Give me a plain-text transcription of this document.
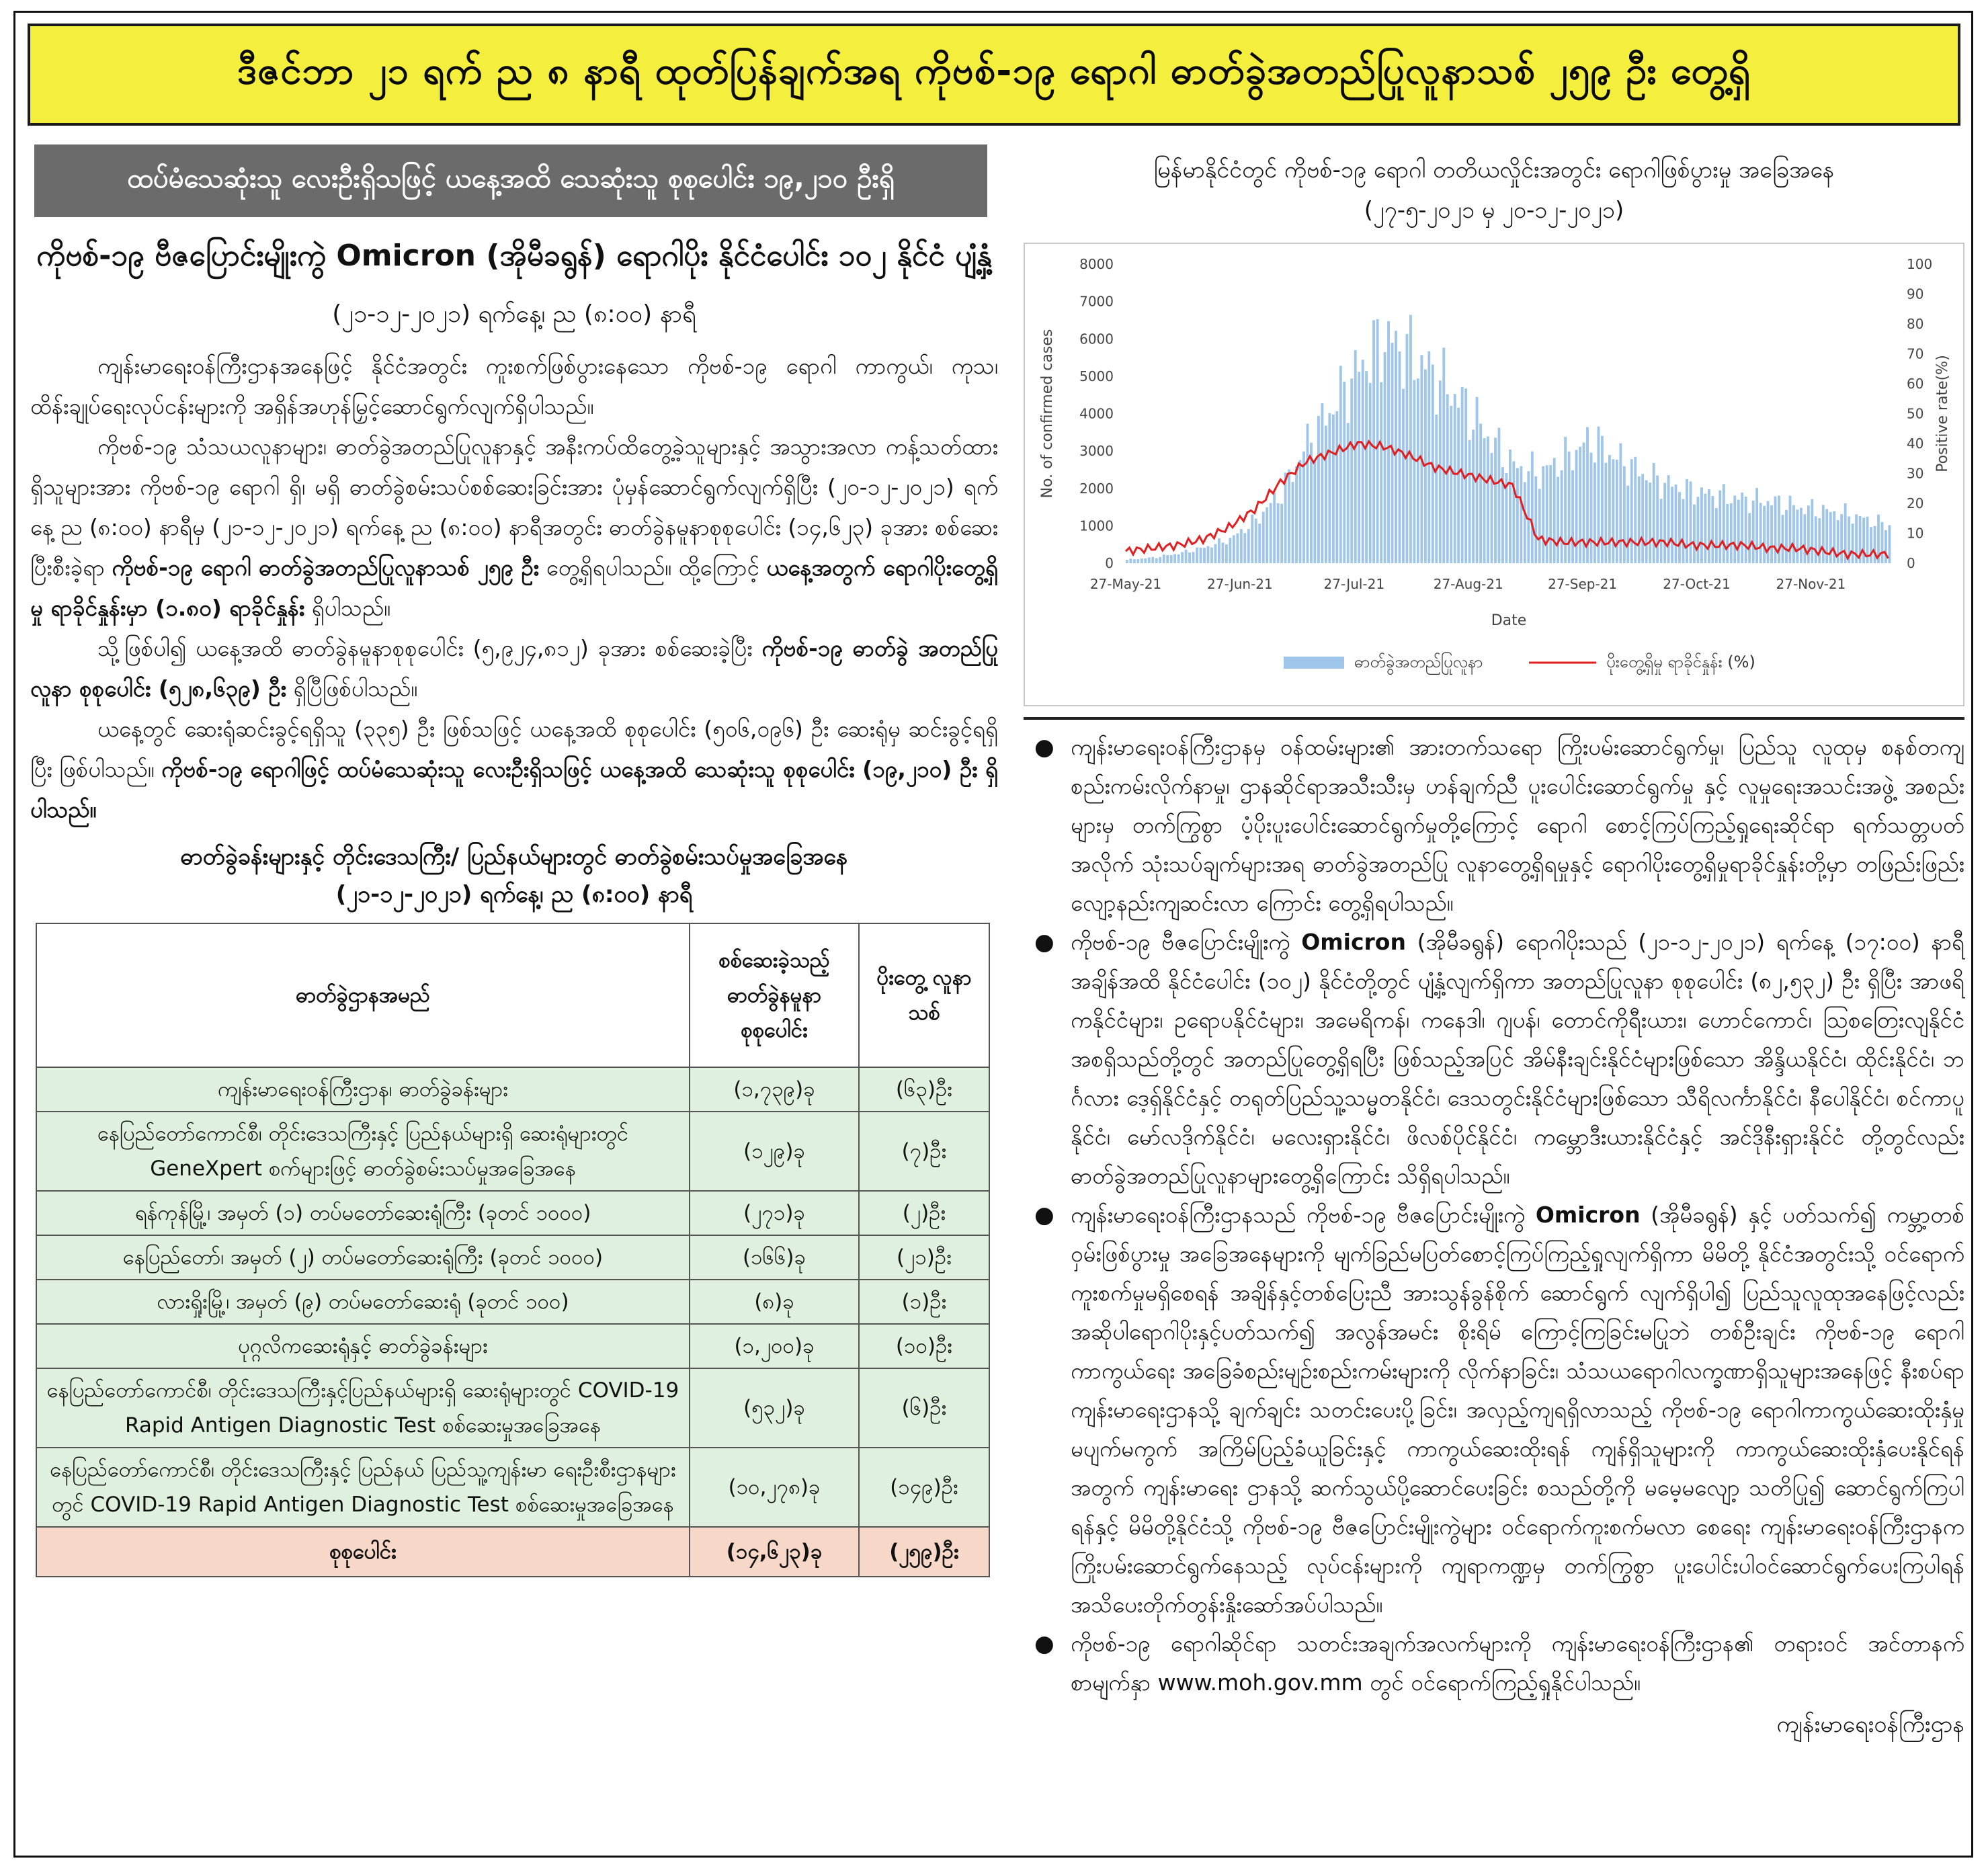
ဒီဇင်ဘာ ၂၁ ရက် ည ၈ နာရီ ထုတ်ပြန်ချက်အရ ကိုဗစ်-၁၉ ရောဂါ ဓာတ်ခွဲအတည်ပြုလူနာသစ် ၂၅၉ ဦး တွေ့ရှိ
ထပ်မံသေဆုံးသူ လေးဦးရှိသဖြင့် ယနေ့အထိ သေဆုံးသူ စုစုပေါင်း ၁၉,၂၁၀ ဦးရှိ
ကိုဗစ်-၁၉ ဗီဇပြောင်းမျိုးကွဲ Omicron (အိုမီခရွန်) ရောဂါပိုး နိုင်ငံပေါင်း ၁၀၂ နိုင်ငံ ပျံ့နှံ့
(၂၁-၁၂-၂၀၂၁) ရက်နေ့၊ ည (၈:၀၀) နာရီ

ကျန်းမာရေးဝန်ကြီးဌာနအနေဖြင့် နိုင်ငံအတွင်း ကူးစက်ဖြစ်ပွားနေသော ကိုဗစ်-၁၉ ရောဂါ ကာကွယ်၊ ကုသ၊ ထိန်းချုပ်ရေးလုပ်ငန်းများကို အရှိန်အဟုန်မြှင့်ဆောင်ရွက်လျက်ရှိပါသည်။

ကိုဗစ်-၁၉ သံသယလူနာများ၊ ဓာတ်ခွဲအတည်ပြုလူနာနှင့် အနီးကပ်ထိတွေ့ခဲ့သူများနှင့် အသွားအလာ ကန့်သတ်ထားရှိသူများအား ကိုဗစ်-၁၉ ရောဂါ ရှိ၊ မရှိ ဓာတ်ခွဲစမ်းသပ်စစ်ဆေးခြင်းအား ပုံမှန်ဆောင်ရွက်လျက်ရှိပြီး (၂၀-၁၂-၂၀၂၁) ရက်နေ့ ည (၈:၀၀) နာရီမှ (၂၁-၁၂-၂၀၂၁) ရက်နေ့ ည (၈:၀၀) နာရီအတွင်း ဓာတ်ခွဲနမူနာစုစုပေါင်း (၁၄,၆၂၃) ခုအား စစ်ဆေးပြီးစီးခဲ့ရာ ကိုဗစ်-၁၉ ရောဂါ ဓာတ်ခွဲအတည်ပြုလူနာသစ် ၂၅၉ ဦး တွေ့ရှိရပါသည်။ ထို့ကြောင့် ယနေ့အတွက် ရောဂါပိုးတွေ့ရှိမှု ရာခိုင်နှုန်းမှာ (၁.၈၀) ရာခိုင်နှုန်း ရှိပါသည်။

သို့ဖြစ်ပါ၍ ယနေ့အထိ ဓာတ်ခွဲနမူနာစုစုပေါင်း (၅,၉၂၄,၈၁၂) ခုအား စစ်ဆေးခဲ့ပြီး ကိုဗစ်-၁၉ ဓာတ်ခွဲ အတည်ပြုလူနာ စုစုပေါင်း (၅၂၈,၆၃၉) ဦး ရှိပြီဖြစ်ပါသည်။

ယနေ့တွင် ဆေးရုံဆင်းခွင့်ရရှိသူ (၃၃၅) ဦး ဖြစ်သဖြင့် ယနေ့အထိ စုစုပေါင်း (၅၀၆,၀၉၆) ဦး ဆေးရုံမှ ဆင်းခွင့်ရရှိပြီး ဖြစ်ပါသည်။ ကိုဗစ်-၁၉ ရောဂါဖြင့် ထပ်မံသေဆုံးသူ လေးဦးရှိသဖြင့် ယနေ့အထိ သေဆုံးသူ စုစုပေါင်း (၁၉,၂၁၀) ဦး ရှိပါသည်။

ဓာတ်ခွဲခန်းများနှင့် တိုင်းဒေသကြီး/ ပြည်နယ်များတွင် ဓာတ်ခွဲစမ်းသပ်မှုအခြေအနေ
(၂၁-၁၂-၂၀၂၁) ရက်နေ့၊ ည (၈:၀၀) နာရီ
ဓာတ်ခွဲဌာနအမည်	စစ်ဆေးခဲ့သည့် ဓာတ်ခွဲနမူနာ စုစုပေါင်း	ပိုးတွေ့ လူနာသစ်
ကျန်းမာရေးဝန်ကြီးဌာန၊ ဓာတ်ခွဲခန်းများ	(၁,၇၃၉)ခု	(၆၃)ဦး
နေပြည်တော်ကောင်စီ၊ တိုင်းဒေသကြီးနှင့် ပြည်နယ်များရှိ ဆေးရုံများတွင် GeneXpert စက်များဖြင့် ဓာတ်ခွဲစမ်းသပ်မှုအခြေအနေ	(၁၂၉)ခု	(၇)ဦး
ရန်ကုန်မြို့၊ အမှတ် (၁) တပ်မတော်ဆေးရုံကြီး (ခုတင် ၁၀၀၀)	(၂၇၁)ခု	(၂)ဦး
နေပြည်တော်၊ အမှတ် (၂) တပ်မတော်ဆေးရုံကြီး (ခုတင် ၁၀၀၀)	(၁၆၆)ခု	(၂၁)ဦး
လားရှိုးမြို့၊ အမှတ် (၉) တပ်မတော်ဆေးရုံ (ခုတင် ၁၀၀)	(၈)ခု	(၁)ဦး
ပုဂ္ဂလိကဆေးရုံနှင့် ဓာတ်ခွဲခန်းများ	(၁,၂၀၀)ခု	(၁၀)ဦး
နေပြည်တော်ကောင်စီ၊ တိုင်းဒေသကြီးနှင့်ပြည်နယ်များရှိ ဆေးရုံများတွင် COVID-19 Rapid Antigen Diagnostic Test စစ်ဆေးမှုအခြေအနေ	(၅၃၂)ခု	(၆)ဦး
နေပြည်တော်ကောင်စီ၊ တိုင်းဒေသကြီးနှင့် ပြည်နယ် ပြည်သူ့ကျန်းမာ ရေးဦးစီးဌာနများတွင် COVID-19 Rapid Antigen Diagnostic Test စစ်ဆေးမှုအခြေအနေ	(၁၀,၂၇၈)ခု	(၁၄၉)ဦး
စုစုပေါင်း	(၁၄,၆၂၃)ခု	(၂၅၉)ဦး
မြန်မာနိုင်ငံတွင် ကိုဗစ်-၁၉ ရောဂါ တတိယလှိုင်းအတွင်း ရောဂါဖြစ်ပွားမှု အခြေအနေ
(၂၇-၅-၂၀၂၁ မှ ၂၀-၁၂-၂၀၂၁)
0
1000
2000
3000
4000
5000
6000
7000
8000
0
10
20
30
40
50
60
70
80
90
100
27-May-21	27-Jun-21	27-Jul-21	27-Aug-21	27-Sep-21	27-Oct-21	27-Nov-21
Date
No. of confirmed cases	Positive rate(%)
ဓာတ်ခွဲအတည်ပြုလူနာ	ပိုးတွေ့ရှိမှု ရာခိုင်နှုန်း (%)

● ကျန်းမာရေးဝန်ကြီးဌာနမှ ဝန်ထမ်းများ၏ အားတက်သရော ကြိုးပမ်းဆောင်ရွက်မှု၊ ပြည်သူ လူထုမှ စနစ်တကျ စည်းကမ်းလိုက်နာမှု၊ ဌာနဆိုင်ရာအသီးသီးမှ ဟန်ချက်ညီ ပူးပေါင်းဆောင်ရွက်မှု နှင့် လူမှုရေးအသင်းအဖွဲ့ အစည်းများမှ တက်ကြွစွာ ပံ့ပိုးပူးပေါင်းဆောင်ရွက်မှုတို့ကြောင့် ရောဂါ စောင့်ကြပ်ကြည့်ရှုရေးဆိုင်ရာ ရက်သတ္တပတ်အလိုက် သုံးသပ်ချက်များအရ ဓာတ်ခွဲအတည်ပြု လူနာတွေ့ရှိရမှုနှင့် ရောဂါပိုးတွေ့ရှိမှုရာခိုင်နှုန်းတို့မှာ တဖြည်းဖြည်း လျော့နည်းကျဆင်းလာ ကြောင်း တွေ့ရှိရပါသည်။

● ကိုဗစ်-၁၉ ဗီဇပြောင်းမျိုးကွဲ Omicron (အိုမီခရွန်) ရောဂါပိုးသည် (၂၁-၁၂-၂၀၂၁) ရက်နေ့ (၁၇:၀၀) နာရီအချိန်အထိ နိုင်ငံပေါင်း (၁၀၂) နိုင်ငံတို့တွင် ပျံ့နှံ့လျက်ရှိကာ အတည်ပြုလူနာ စုစုပေါင်း (၈၂,၅၃၂) ဦး ရှိပြီး အာဖရိကနိုင်ငံများ၊ ဥရောပနိုင်ငံများ၊ အမေရိကန်၊ ကနေဒါ၊ ဂျပန်၊ တောင်ကိုရီးယား၊ ဟောင်ကောင်၊ ဩစတြေးလျနိုင်ငံ အစရှိသည်တို့တွင် အတည်ပြုတွေ့ရှိရပြီး ဖြစ်သည့်အပြင် အိမ်နီးချင်းနိုင်ငံများဖြစ်သော အိန္ဒိယနိုင်ငံ၊ ထိုင်းနိုင်ငံ၊ ဘင်္ဂလား ဒေ့ရှ်နိုင်ငံနှင့် တရုတ်ပြည်သူ့သမ္မတနိုင်ငံ၊ ဒေသတွင်းနိုင်ငံများဖြစ်သော သီရိလင်္ကာနိုင်ငံ၊ နီပေါနိုင်ငံ၊ စင်ကာပူ နိုင်ငံ၊ မော်လဒိုက်နိုင်ငံ၊ မလေးရှားနိုင်ငံ၊ ဖိလစ်ပိုင်နိုင်ငံ၊ ကမ္ဘောဒီးယားနိုင်ငံနှင့် အင်ဒိုနီးရှားနိုင်ငံ တို့တွင်လည်း ဓာတ်ခွဲအတည်ပြုလူနာများတွေ့ရှိကြောင်း သိရှိရပါသည်။

● ကျန်းမာရေးဝန်ကြီးဌာနသည် ကိုဗစ်-၁၉ ဗီဇပြောင်းမျိုးကွဲ Omicron (အိုမီခရွန်) နှင့် ပတ်သက်၍ ကမ္ဘာ့တစ်ဝှမ်းဖြစ်ပွားမှု အခြေအနေများကို မျက်ခြည်မပြတ်စောင့်ကြပ်ကြည့်ရှုလျက်ရှိကာ မိမိတို့ နိုင်ငံအတွင်းသို့ ဝင်ရောက်ကူးစက်မှုမရှိစေရန် အချိန်နှင့်တစ်ပြေးညီ အားသွန်ခွန်စိုက် ဆောင်ရွက် လျက်ရှိပါ၍ ပြည်သူလူထုအနေဖြင့်လည်း အဆိုပါရောဂါပိုးနှင့်ပတ်သက်၍ အလွန်အမင်း စိုးရိမ် ကြောင့်ကြခြင်းမပြုဘဲ တစ်ဦးချင်း ကိုဗစ်-၁၉ ရောဂါ ကာကွယ်ရေး အခြေခံစည်းမျဉ်းစည်းကမ်းများကို လိုက်နာခြင်း၊ သံသယရောဂါလက္ခဏာရှိသူများအနေဖြင့် နီးစပ်ရာကျန်းမာရေးဌာနသို့ ချက်ချင်း သတင်းပေးပို့ခြင်း၊ အလှည့်ကျရရှိလာသည့် ကိုဗစ်-၁၉ ရောဂါကာကွယ်ဆေးထိုးနှံမှု မပျက်မကွက် အကြိမ်ပြည့်ခံယူခြင်းနှင့် ကာကွယ်ဆေးထိုးရန် ကျန်ရှိသူများကို ကာကွယ်ဆေးထိုးနှံပေးနိုင်ရန် အတွက် ကျန်းမာရေး ဌာနသို့ ဆက်သွယ်ပို့ဆောင်ပေးခြင်း စသည်တို့ကို မမေ့မလျော့ သတိပြု၍ ဆောင်ရွက်ကြပါရန်နှင့် မိမိတို့နိုင်ငံသို့ ကိုဗစ်-၁၉ ဗီဇပြောင်းမျိုးကွဲများ ဝင်ရောက်ကူးစက်မလာ စေရေး ကျန်းမာရေးဝန်ကြီးဌာနက ကြိုးပမ်းဆောင်ရွက်နေသည့် လုပ်ငန်းများကို ကျရာကဏ္ဍမှ တက်ကြွစွာ ပူးပေါင်းပါဝင်ဆောင်ရွက်ပေးကြပါရန် အသိပေးတိုက်တွန်းနှိုးဆော်အပ်ပါသည်။

● ကိုဗစ်-၁၉ ရောဂါဆိုင်ရာ သတင်းအချက်အလက်များကို ကျန်းမာရေးဝန်ကြီးဌာန၏ တရားဝင် အင်တာနက်စာမျက်နှာ www.moh.gov.mm တွင် ဝင်ရောက်ကြည့်ရှုနိုင်ပါသည်။

ကျန်းမာရေးဝန်ကြီးဌာန
